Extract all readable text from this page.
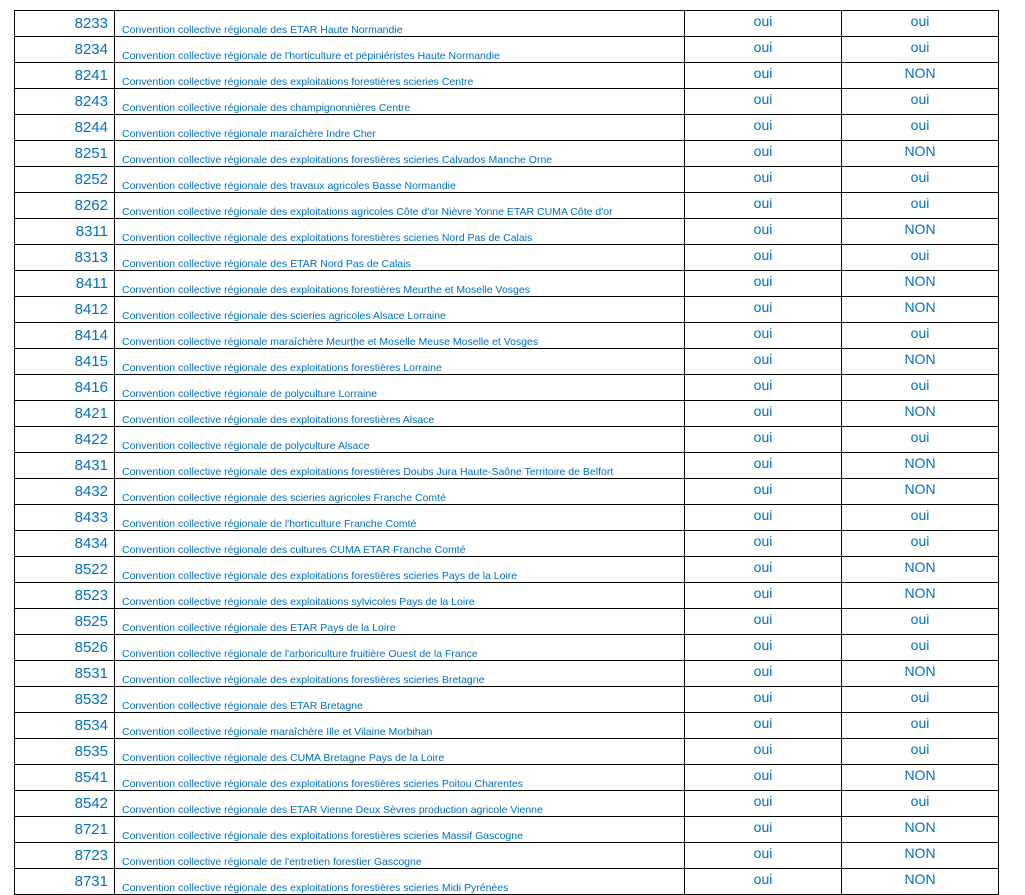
8233	Convention collective régionale des ETAR Haute Normandie	oui	oui
8234	Convention collective régionale de l'horticulture et pépiniéristes Haute Normandie	oui	oui
8241	Convention collective régionale des exploitations forestières scieries Centre	oui	NON
8243	Convention collective régionale des champignonnières Centre	oui	oui
8244	Convention collective régionale maraîchère Indre Cher	oui	oui
8251	Convention collective régionale des exploitations forestières scieries Calvados Manche Orne	oui	NON
8252	Convention collective régionale des travaux agricoles Basse Normandie	oui	oui
8262	Convention collective régionale des exploitations agricoles Côte d'or Nièvre Yonne ETAR CUMA Côte d'or	oui	oui
8311	Convention collective régionale des exploitations forestières scieries Nord Pas de Calais	oui	NON
8313	Convention collective régionale des ETAR Nord Pas de Calais	oui	oui
8411	Convention collective régionale des exploitations forestières Meurthe et Moselle Vosges	oui	NON
8412	Convention collective régionale des scieries agricoles Alsace Lorraine	oui	NON
8414	Convention collective régionale maraîchère Meurthe et Moselle Meuse Moselle et Vosges	oui	oui
8415	Convention collective régionale des exploitations forestières Lorraine	oui	NON
8416	Convention collective régionale de polyculture Lorraine	oui	oui
8421	Convention collective régionale des exploitations forestières Alsace	oui	NON
8422	Convention collective régionale de polyculture Alsace	oui	oui
8431	Convention collective régionale des exploitations forestières Doubs Jura Haute-Saône Territoire de Belfort	oui	NON
8432	Convention collective régionale des scieries agricoles Franche Comté	oui	NON
8433	Convention collective régionale de l'horticulture Franche Comté	oui	oui
8434	Convention collective régionale des cultures CUMA ETAR Franche Comté	oui	oui
8522	Convention collective régionale des exploitations forestières scieries Pays de la Loire	oui	NON
8523	Convention collective régionale des exploitations sylvicoles Pays de la Loire	oui	NON
8525	Convention collective régionale des ETAR Pays de la Loire	oui	oui
8526	Convention collective régionale de l'arboriculture fruitière Ouest de la France	oui	oui
8531	Convention collective régionale des exploitations forestières scieries Bretagne	oui	NON
8532	Convention collective régionale des ETAR Bretagne	oui	oui
8534	Convention collective régionale maraîchère Ille et Vilaine Morbihan	oui	oui
8535	Convention collective régionale des CUMA Bretagne Pays de la Loire	oui	oui
8541	Convention collective régionale des exploitations forestières scieries Poitou Charentes	oui	NON
8542	Convention collective régionale des ETAR Vienne Deux Sèvres production agricole Vienne	oui	oui
8721	Convention collective régionale des exploitations forestières scieries Massif Gascogne	oui	NON
8723	Convention collective régionale de l'entretien forestier Gascogne	oui	NON
8731	Convention collective régionale des exploitations forestières scieries Midi Pyrénées	oui	NON
